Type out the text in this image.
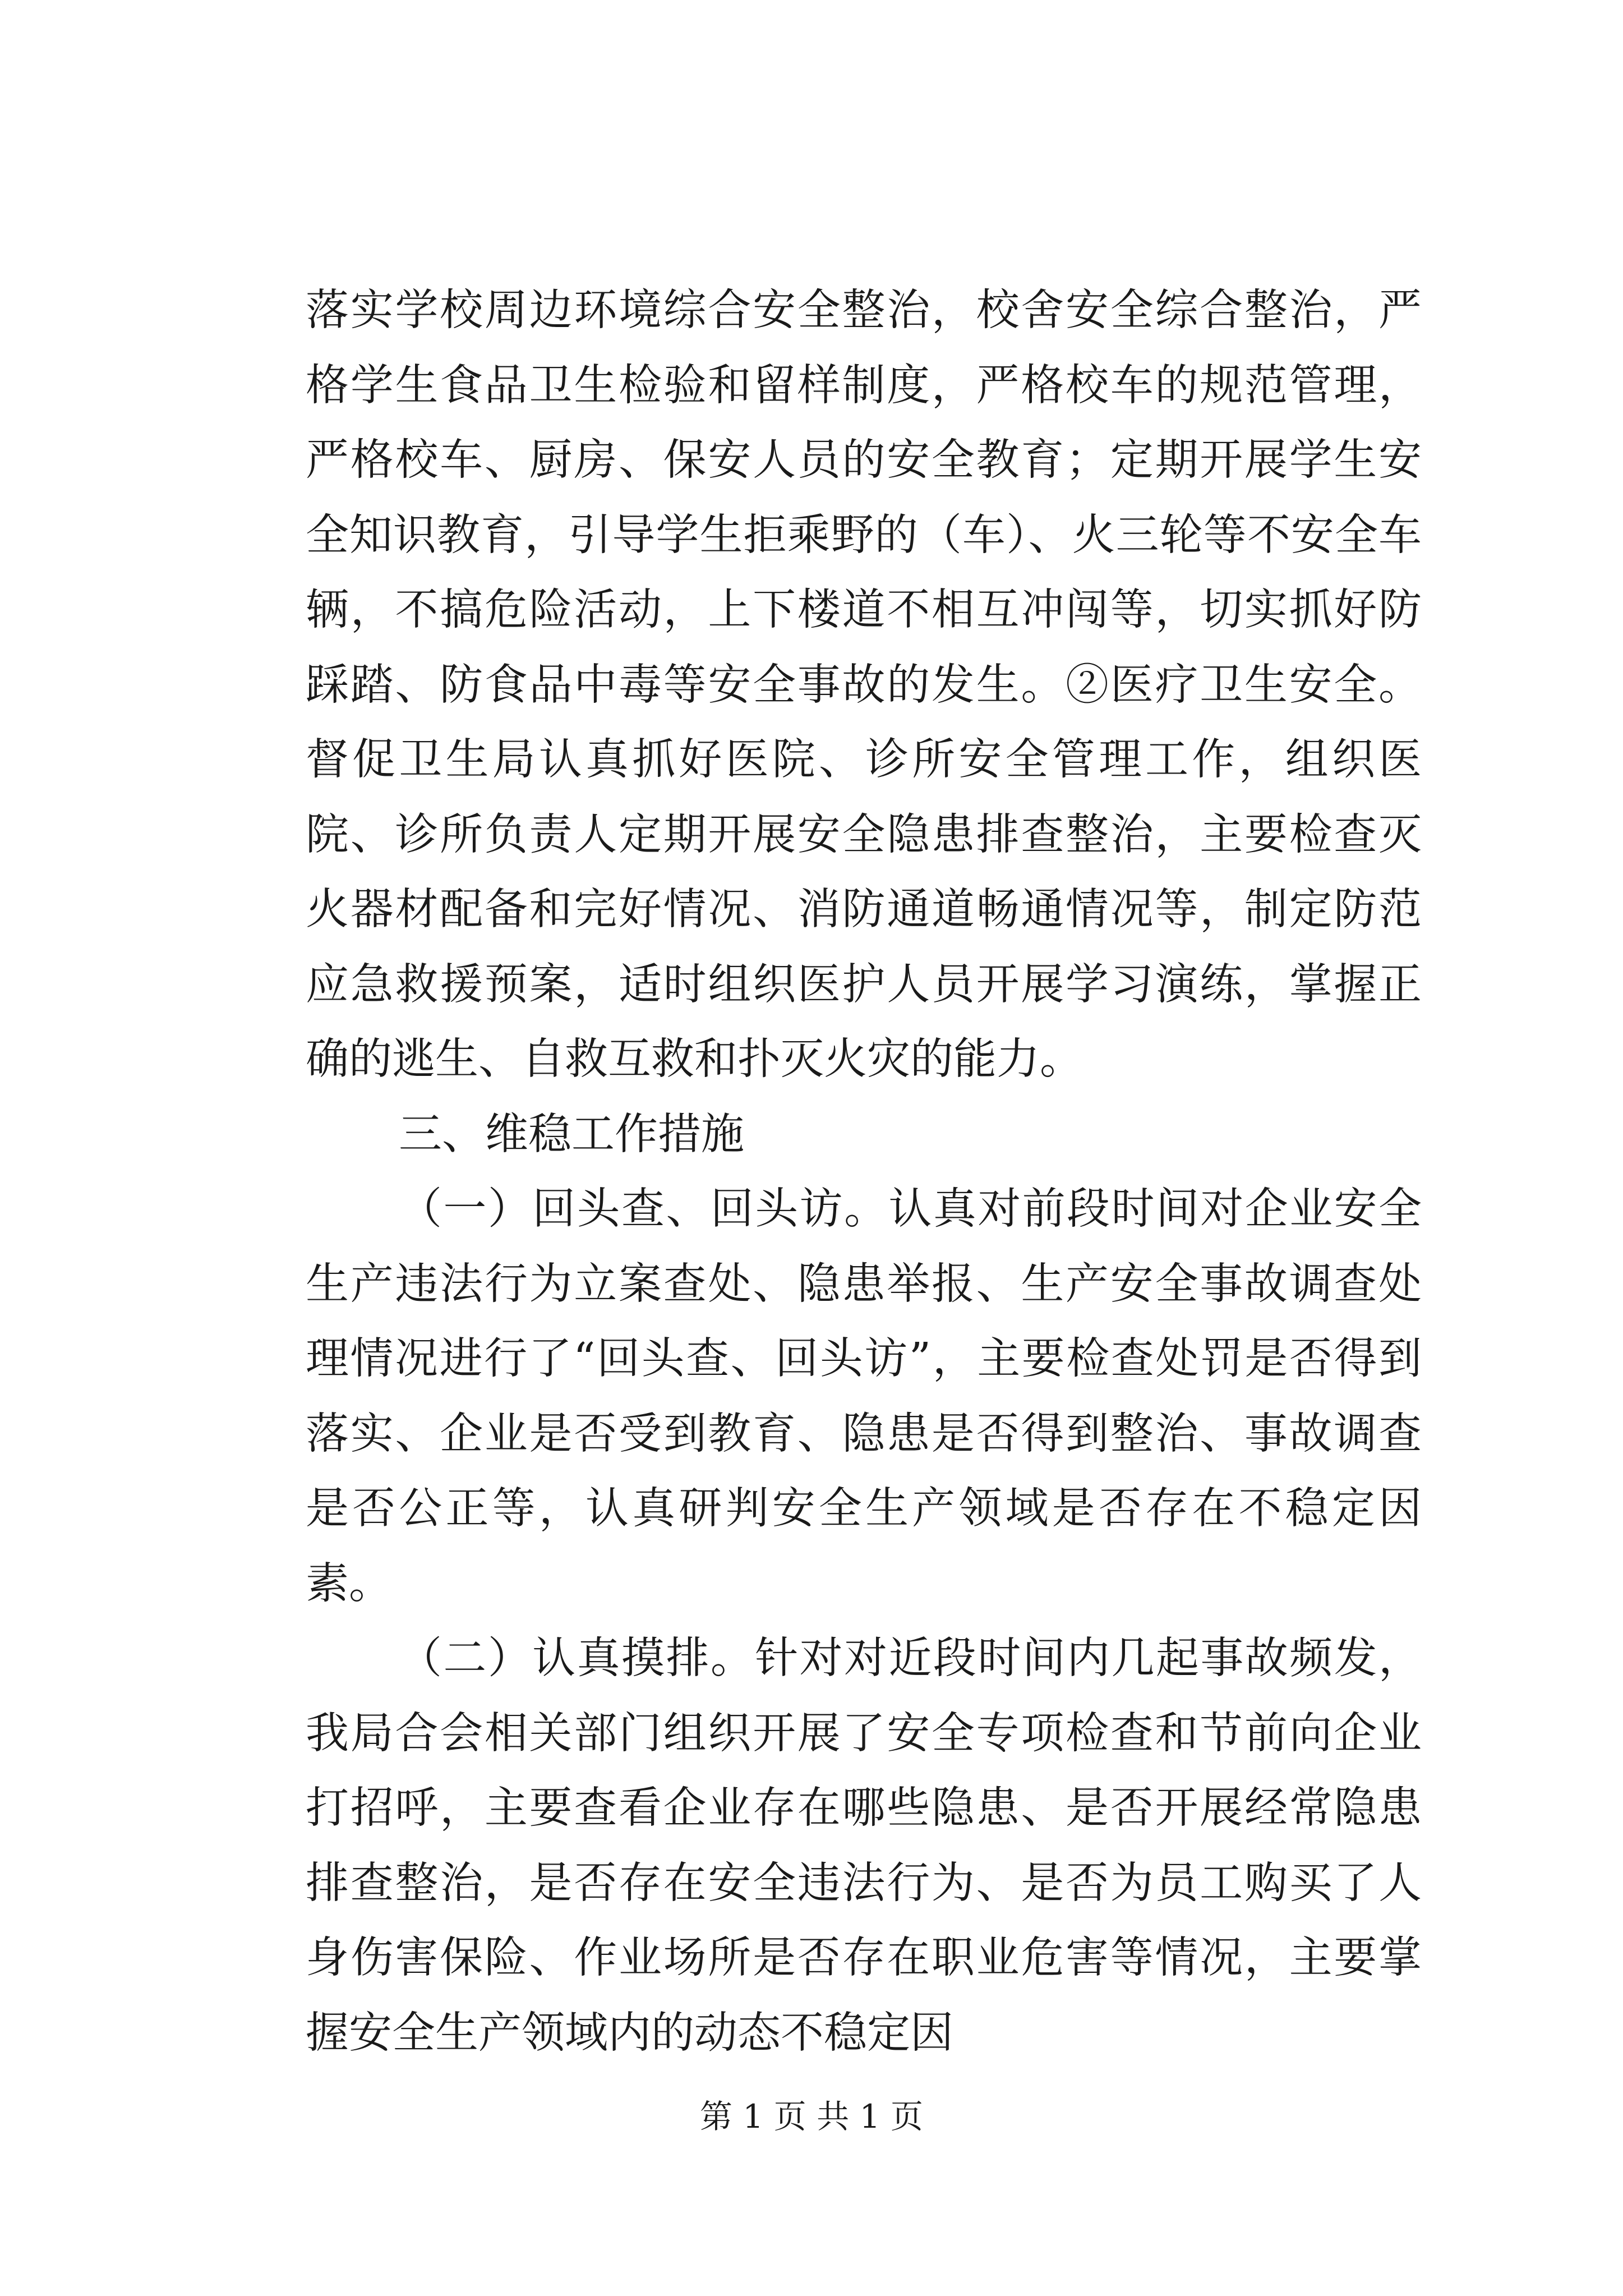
落实学校周边环境综合安全整治，校舍安全综合整治，严格学生食品卫生检验和留样制度，严格校车的规范管理，严格校车、厨房、保安人员的安全教育；定期开展学生安全知识教育，引导学生拒乘野的（车）、火三轮等不安全车辆，不搞危险活动，上下楼道不相互冲闯等，切实抓好防踩踏、防食品中毒等安全事故的发生。②医疗卫生安全。督促卫生局认真抓好医院、诊所安全管理工作，组织医院、诊所负责人定期开展安全隐患排查整治，主要检查灭火器材配备和完好情况、消防通道畅通情况等，制定防范应急救援预案，适时组织医护人员开展学习演练，掌握正确的逃生、自救互救和扑灭火灾的能力。

三、维稳工作措施

（一）回头查、回头访。认真对前段时间对企业安全生产违法行为立案查处、隐患举报、生产安全事故调查处理情况进行了“回头查、回头访”，主要检查处罚是否得到落实、企业是否受到教育、隐患是否得到整治、事故调查是否公正等，认真研判安全生产领域是否存在不稳定因素。

（二）认真摸排。针对对近段时间内几起事故频发，我局合会相关部门组织开展了安全专项检查和节前向企业打招呼，主要查看企业存在哪些隐患、是否开展经常隐患排查整治，是否存在安全违法行为、是否为员工购买了人身伤害保险、作业场所是否存在职业危害等情况，主要掌握安全生产领域内的动态不稳定因

第 1 页 共 1 页
